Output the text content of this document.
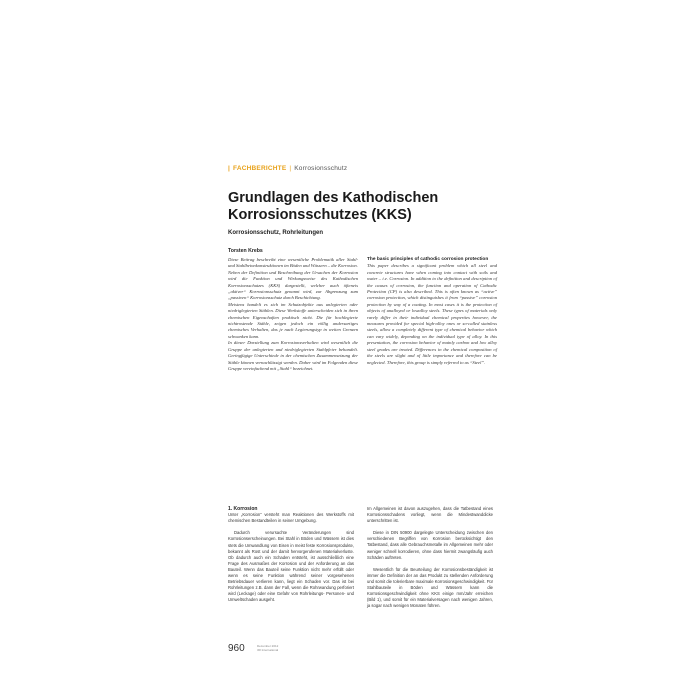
| FACHBERICHTE | Korrosionsschutz
Grundlagen des Kathodischen Korrosionsschutzes (KKS)
Korrosionsschutz, Rohrleitungen
Torsten Krebs

Diese Beitrag beschreibt eine wesentliche Problematik aller Stahl- und Stahlbetonkonstruktionen im Böden und Wässern – die Korrosion.

Neben der Definition und Beschreibung der Ursachen der Korrosion wird die Funktion und Wirkungsweise des Kathodischen Korrosionsschutzes (KKS) dargestellt, welcher auch öfteneis „aktiver“ Korrosionsschutz genannt wird, zur Abgrenzung zum „passiven“ Korrosionsschutz durch Beschichtung.

Meistens handelt es sich im Schutzobjekte aus unlegierten oder niedriglegierten Stählen. Diese Werkstoffe unterscheiden sich in ihren chemischen Eigenschaften praktisch nicht. Die für hochlegierte nichtrostende Stähle, zeigen jedoch ein völlig andersartiges chemisches Verhalten, das je nach Legierungstyp in weiten Grenzen schwanken kann.

In dieser Darstellung zum Korrosionsverhalten wird wesentlich die Gruppe der unlegierten und niedriglegierten Stahlpfeier behandelt. Geringfügige Unterschiede in der chemischen Zusammensetzung der Stähle können vernachlässigt werden. Daher wird im Folgenden diese Gruppe vereinfachend mit „Stahl“ bezeichnet.

The basic principles of cathodic corrosion protection

This paper describes a significant problem which all steel and concrete structures have when coming into contact with soils and water – i.e. Corrosion. In addition to the definition and description of the causes of corrosion, the function and operation of Cathodic Protection (CP) is also described. This is often known as “active” corrosion protection, which distinguishes it from “passive” corrosion protection by way of a coating. In most cases it is the protection of objects of unalloyed or lowalloy steels. These types of materials only rarely differ in their individual chemical properties however, the measures provided for special high-alloy ones or so-called stainless steels, allow a completely different type of chemical behavior which can vary widely, depending on the individual type of alloy. In this presentation, the corrosion behavior of mainly carbon and low alloy steel grades are treated. Differences in the chemical composition of the steels are slight and of little importance and therefore can be neglected. Therefore, this group is simply referred to as “Steel”.

1. Korrosion

Unter „Korrosion“ versteht man Reaktionen des Werkstoffs mit chemischen Bestandteilen in seiner Umgebung.

Dadurch verursachte Veränderungen sind Korrosionserscheinungen. Bei Stahl in Böden und Wässern ist dies stets die Umwandlung von Eisen in meist feste Korrosionsprodukte, bekannt als Rost und der damit hervorgerufenen Materialverluste. Ob dadurch auch ein Schaden entsteht, ist ausschließlich eine Frage des Ausmaßes der Korrosion und der Anforderung an das Bauteil. Wenn das Bauteil seine Funktion nicht mehr erfüllt oder wenn es seine Funktion während seiner vorgesehenen Betriebsdauer verlieren kann, liegt ein Schaden vor. Das ist bei Rohrleitungen z.B. dann der Fall, wenn die Rohrwandung perforiert wird (Leckage) oder eine Gefahr von Rohrleitungs- Personen- und Umweltschaden ausgeht.

Im Allgemeinen ist davon auszugehen, dass die Tatbestand eines Korrosionsschadens vorliegt, wenn die Mindestwanddicke unterschritten ist.

Diese in DIN 50900 dargelegte Unterscheidung zwischen den verschiedenen Begriffen von Korrosion berücksichtigt den Tatbestand, dass alle Gebrauchsmetalle im Allgemeinen mehr oder weniger schnell korrodieren, ohne dass hiermit zwangsläufig auch Schäden auftreten.

Wesentlich für die Beurteilung der Korrosionsbeständigkeit ist immer die Definition der an das Produkt zu stellenden Anforderung und somit die tolerierbare maximale Korrosionsgeschwindigkeit. Für Stahlbauteile in Böden und Wässern kann die Korrosionsgeschwindigkeit ohne KKS einige mm/Jahr erreichen (Bild 1), und somit für ein Materialversagen nach wenigen Jahren, ja sogar nach wenigen Monaten führen.

960	Dezember 2012
3R International
